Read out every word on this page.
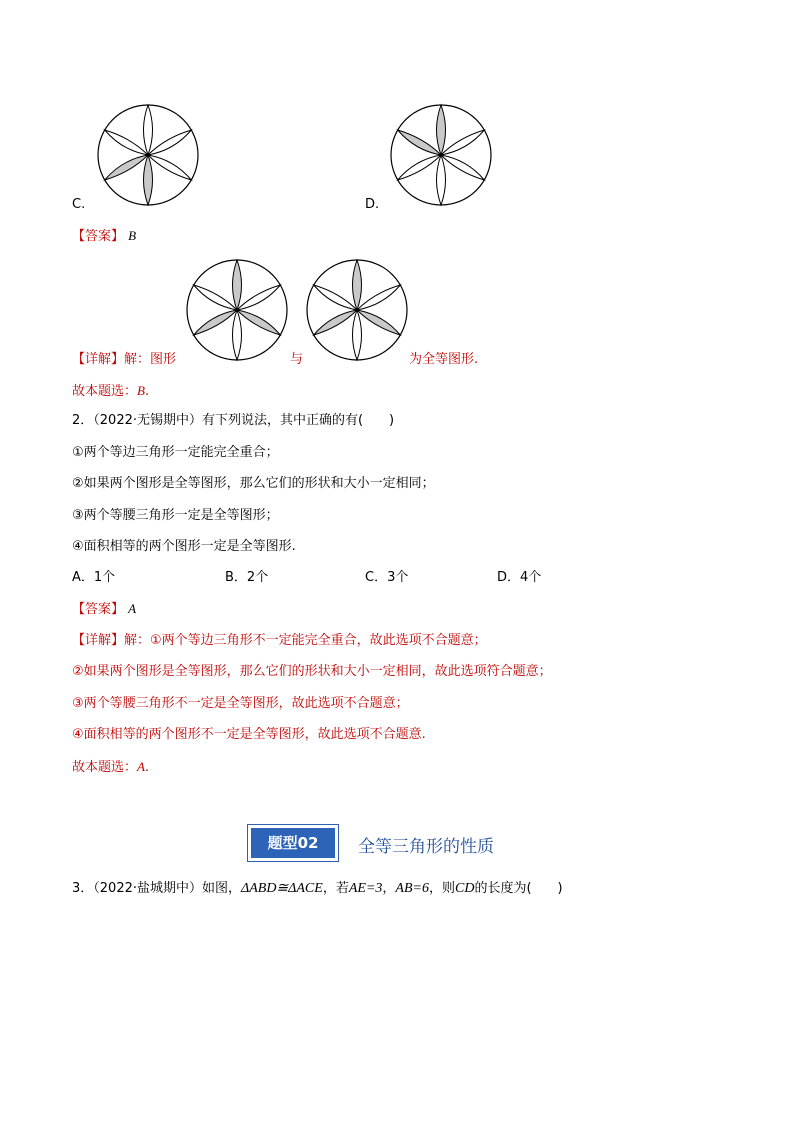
C.	D.
【答案】 B
【详解】解：图形	与	为全等图形.
故本题选：B.
2．（2022·无锡期中）有下列说法，其中正确的有(　　)
①两个等边三角形一定能完全重合；
②如果两个图形是全等图形，那么它们的形状和大小一定相同；
③两个等腰三角形一定是全等图形；
④面积相等的两个图形一定是全等图形.
A．1个	B．2个	C．3个	D．4个
【答案】 A
【详解】解：①两个等边三角形不一定能完全重合，故此选项不合题意；
②如果两个图形是全等图形，那么它们的形状和大小一定相同，故此选项符合题意；
③两个等腰三角形不一定是全等图形，故此选项不合题意；
④面积相等的两个图形不一定是全等图形，故此选项不合题意.
故本题选：A.
题型02	全等三角形的性质
3．（2022·盐城期中）如图，ΔABD≅ΔACE，若AE=3，AB=6，则CD的长度为(　　)
